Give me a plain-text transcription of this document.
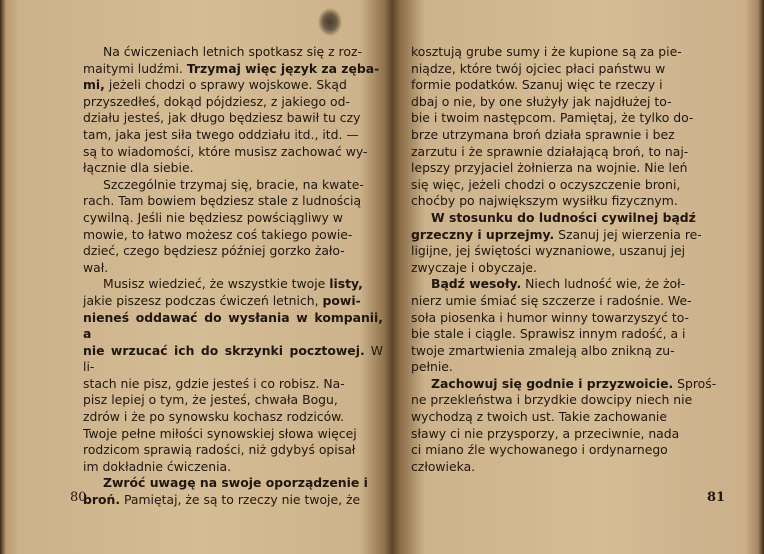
Na ćwiczeniach letnich spotkasz się z roz-
maitymi ludźmi. Trzymaj więc język za zęba-
mi, jeżeli chodzi o sprawy wojskowe. Skąd
przyszedłeś, dokąd pójdziesz, z jakiego od-
działu jesteś, jak długo będziesz bawił tu czy
tam, jaka jest siła twego oddziału itd., itd. —
są to wiadomości, które musisz zachować wy-
łącznie dla siebie.

Szczególnie trzymaj się, bracie, na kwate-
rach. Tam bowiem będziesz stale z ludnością
cywilną. Jeśli nie będziesz powściągliwy w
mowie, to łatwo możesz coś takiego powie-
dzieć, czego będziesz później gorzko żało-
wał.

Musisz wiedzieć, że wszystkie twoje listy,
jakie piszesz podczas ćwiczeń letnich, powi-
nieneś oddawać do wysłania w kompanii, a
nie wrzucać ich do skrzynki pocztowej. W li-
stach nie pisz, gdzie jesteś i co robisz. Na-
pisz lepiej o tym, że jesteś, chwała Bogu,
zdrów i że po synowsku kochasz rodziców.
Twoje pełne miłości synowskiej słowa więcej
rodzicom sprawią radości, niż gdybyś opisał
im dokładnie ćwiczenia.

Zwróć uwagę na swoje oporządzenie i
broń. Pamiętaj, że są to rzeczy nie twoje, że

80

kosztują grube sumy i że kupione są za pie-
niądze, które twój ojciec płaci państwu w
formie podatków. Szanuj więc te rzeczy i
dbaj o nie, by one służyły jak najdłużej to-
bie i twoim następcom. Pamiętaj, że tylko do-
brze utrzymana broń działa sprawnie i bez
zarzutu i że sprawnie działającą broń, to naj-
lepszy przyjaciel żołnierza na wojnie. Nie leń
się więc, jeżeli chodzi o oczyszczenie broni,
choćby po największym wysiłku fizycznym.

W stosunku do ludności cywilnej bądź
grzeczny i uprzejmy. Szanuj jej wierzenia re-
ligijne, jej świętości wyznaniowe, uszanuj jej
zwyczaje i obyczaje.

Bądź wesoły. Niech ludność wie, że żoł-
nierz umie śmiać się szczerze i radośnie. We-
soła piosenka i humor winny towarzyszyć to-
bie stale i ciągle. Sprawisz innym radość, a i
twoje zmartwienia zmaleją albo znikną zu-
pełnie.

Zachowuj się godnie i przyzwoicie. Sproś-
ne przekleństwa i brzydkie dowcipy niech nie
wychodzą z twoich ust. Takie zachowanie
sławy ci nie przysporzy, a przeciwnie, nada
ci miano źle wychowanego i ordynarnego
człowieka.

81
